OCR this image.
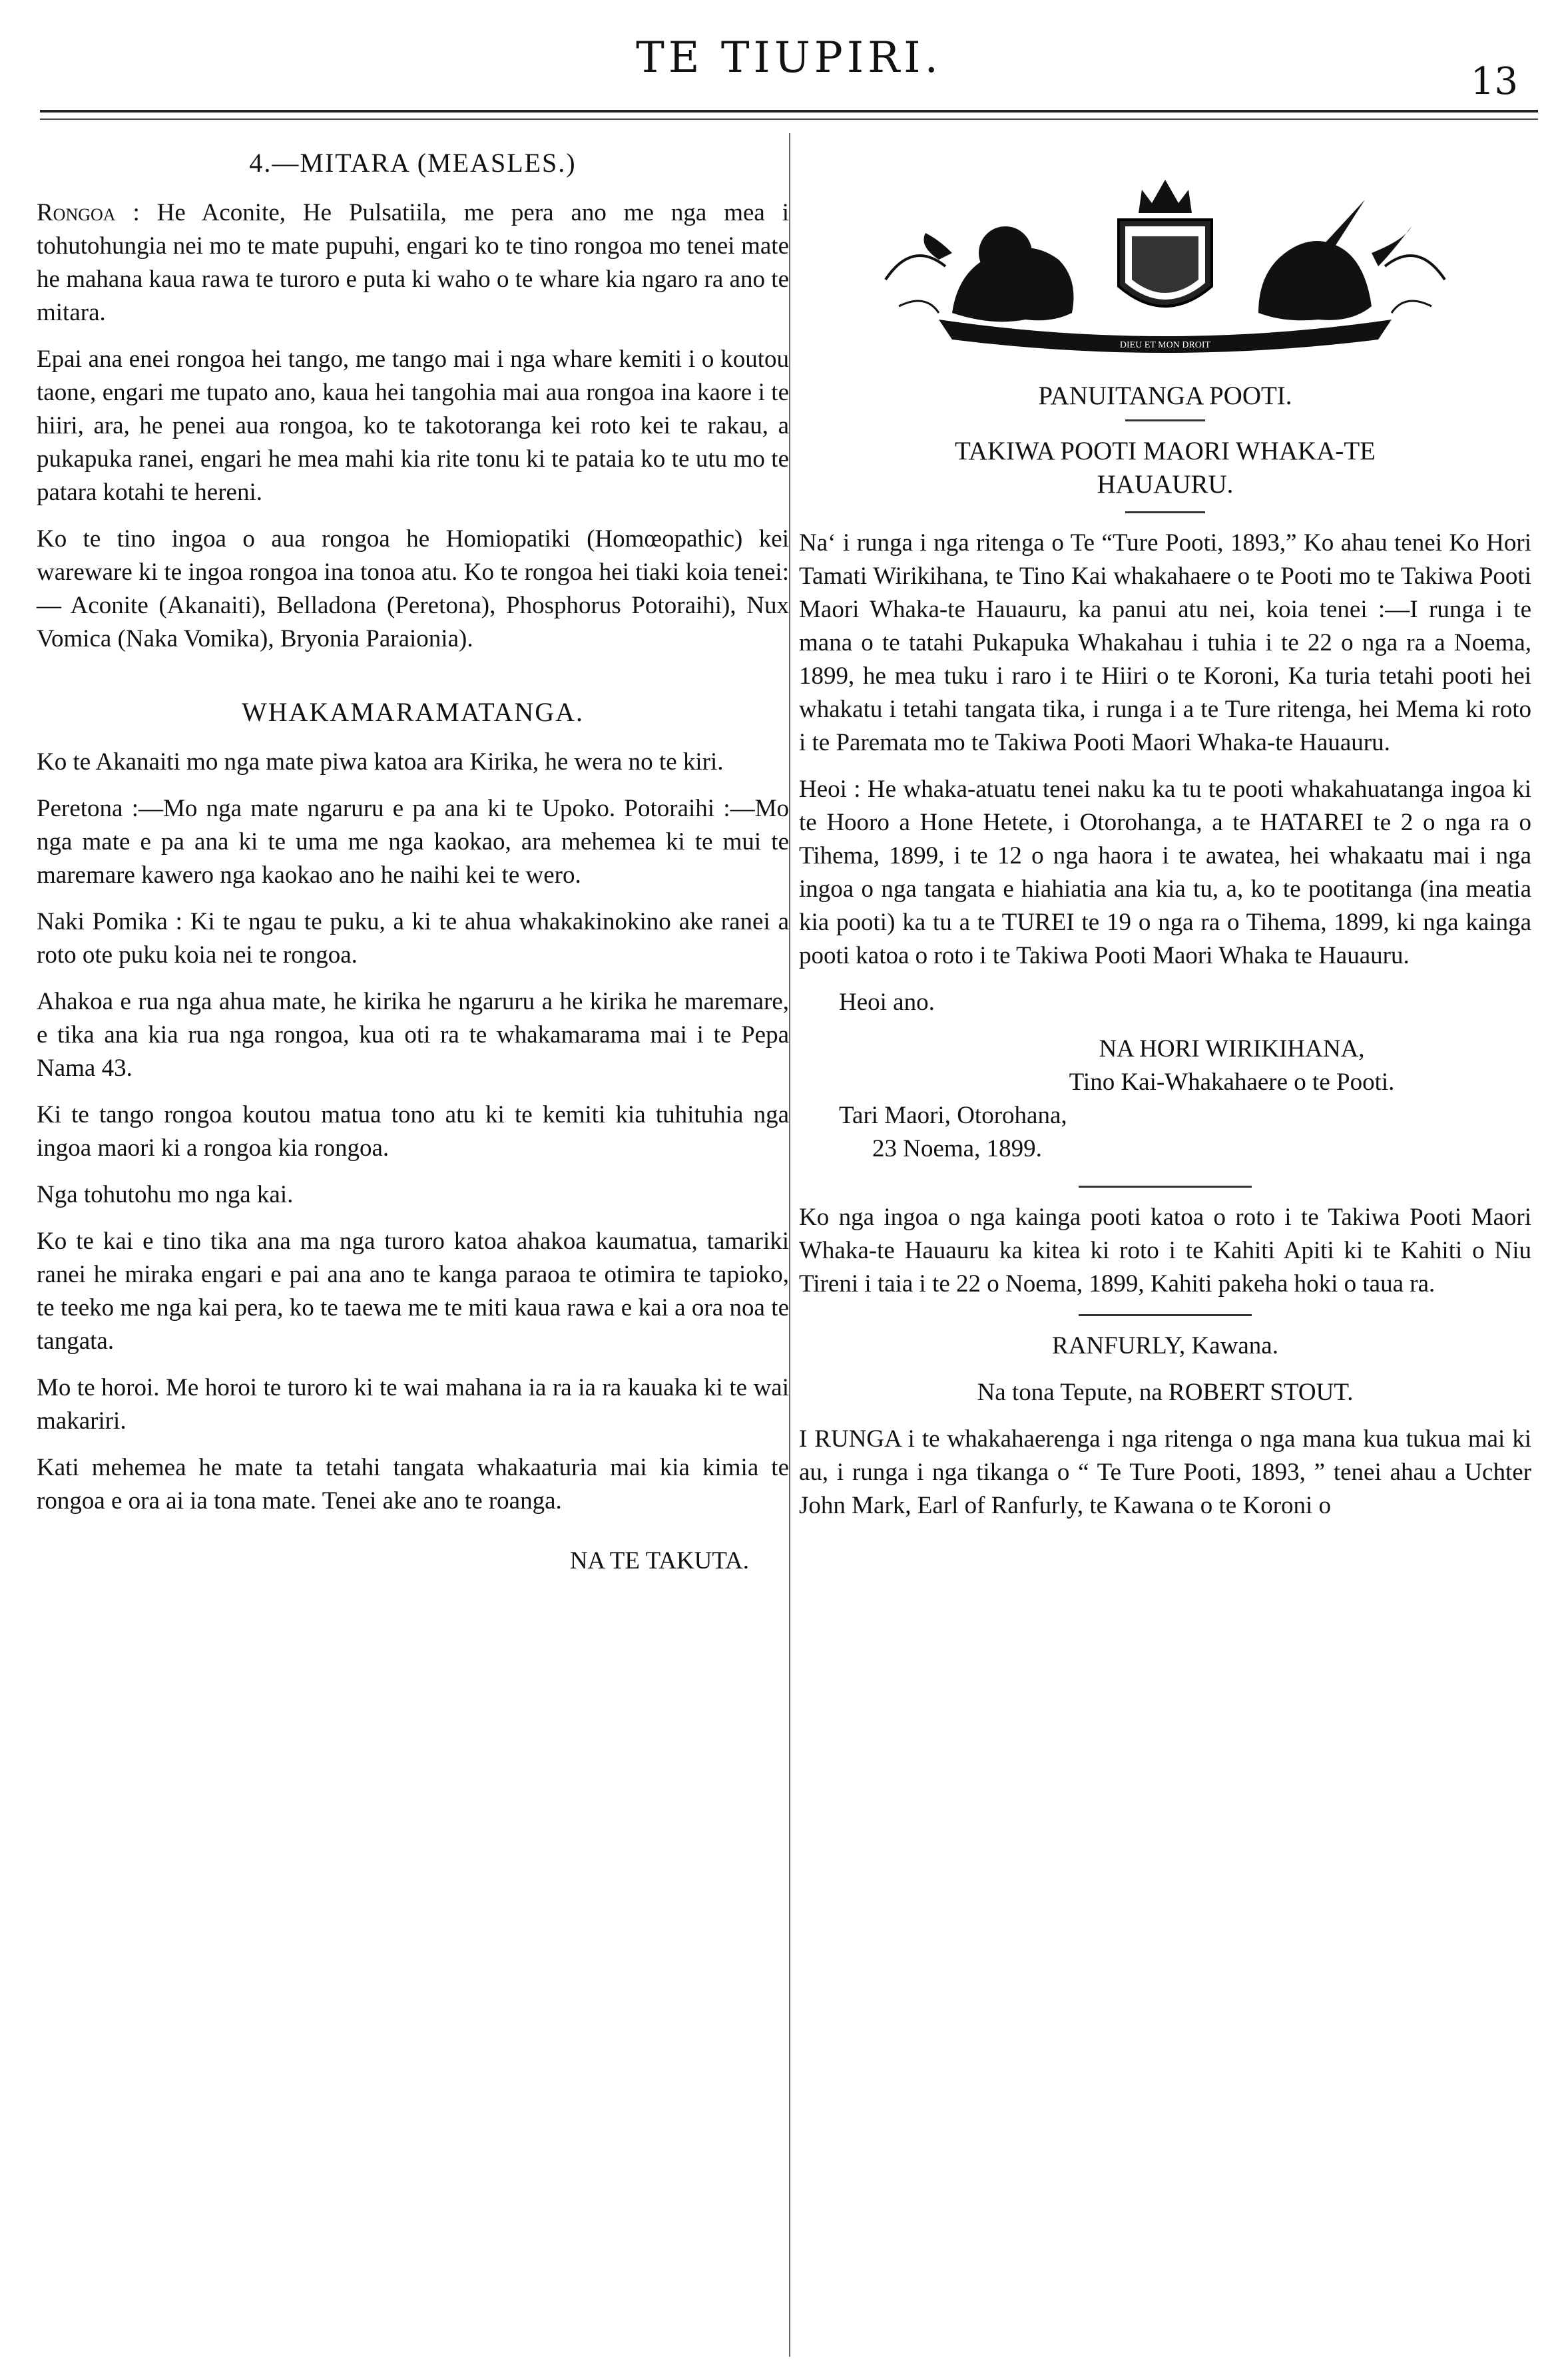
TE TIUPIRI.	13
4.—MITARA (MEASLES.)

Rongoa : He Aconite, He Pulsatiila, me pera ano me nga mea i tohutohungia nei mo te mate pupuhi, engari ko te tino rongoa mo tenei mate he mahana kaua rawa te turoro e puta ki waho o te whare kia ngaro ra ano te mitara.

Epai ana enei rongoa hei tango, me tango mai i nga whare kemiti i o koutou taone, engari me tupato ano, kaua hei tangohia mai aua rongoa ina kaore i te hiiri, ara, he penei aua rongoa, ko te takotoranga kei roto kei te rakau, a pukapuka ranei, engari he mea mahi kia rite tonu ki te pataia ko te utu mo te patara kotahi te hereni.

Ko te tino ingoa o aua rongoa he Homiopatiki (Homœopathic) kei wareware ki te ingoa rongoa ina tonoa atu. Ko te rongoa hei tiaki koia tenei: — Aconite (Akanaiti), Belladona (Peretona), Phosphorus Potoraihi), Nux Vomica (Naka Vomika), Bryonia Paraionia).

WHAKAMARAMATANGA.

Ko te Akanaiti mo nga mate piwa katoa ara Kirika, he wera no te kiri.

Peretona :—Mo nga mate ngaruru e pa ana ki te Upoko. Potoraihi :—Mo nga mate e pa ana ki te uma me nga kaokao, ara mehemea ki te mui te maremare kawero nga kaokao ano he naihi kei te wero.

Naki Pomika : Ki te ngau te puku, a ki te ahua whakakinokino ake ranei a roto ote puku koia nei te rongoa.

Ahakoa e rua nga ahua mate, he kirika he ngaruru a he kirika he maremare, e tika ana kia rua nga rongoa, kua oti ra te whakamarama mai i te Pepa Nama 43.

Ki te tango rongoa koutou matua tono atu ki te kemiti kia tuhituhia nga ingoa maori ki a rongoa kia rongoa.

Nga tohutohu mo nga kai.

Ko te kai e tino tika ana ma nga turoro katoa ahakoa kaumatua, tamariki ranei he miraka engari e pai ana ano te kanga paraoa te otimira te tapioko, te teeko me nga kai pera, ko te taewa me te miti kaua rawa e kai a ora noa te tangata.

Mo te horoi. Me horoi te turoro ki te wai mahana ia ra ia ra kauaka ki te wai makariri.

Kati mehemea he mate ta tetahi tangata whakaaturia mai kia kimia te rongoa e ora ai ia tona mate. Tenei ake ano te roanga.

NA TE TAKUTA.
DIEU ET MON DROIT
PANUITANGA POOTI.
TAKIWA POOTI MAORI WHAKA-TE
HAUAURU.

Na‘ i runga i nga ritenga o Te “Ture Pooti, 1893,” Ko ahau tenei Ko Hori Tamati Wirikihana, te Tino Kai whakahaere o te Pooti mo te Takiwa Pooti Maori Whaka-te Hauauru, ka panui atu nei, koia tenei :—I runga i te mana o te tatahi Pukapuka Whakahau i tuhia i te 22 o nga ra a Noema, 1899, he mea tuku i raro i te Hiiri o te Koroni, Ka turia tetahi pooti hei whakatu i tetahi tangata tika, i runga i a te Ture ritenga, hei Mema ki roto i te Paremata mo te Takiwa Pooti Maori Whaka-te Hauauru.

Heoi : He whaka-atuatu tenei naku ka tu te pooti whakahuatanga ingoa ki te Hooro a Hone Hetete, i Otorohanga, a te HATAREI te 2 o nga ra o Tihema, 1899, i te 12 o nga haora i te awatea, hei whakaatu mai i nga ingoa o nga tangata e hiahiatia ana kia tu, a, ko te pootitanga (ina meatia kia pooti) ka tu a te TUREI te 19 o nga ra o Tihema, 1899, ki nga kainga pooti katoa o roto i te Takiwa Pooti Maori Whaka te Hauauru.

Heoi ano.

NA HORI WIRIKIHANA,
Tino Kai-Whakahaere o te Pooti.
Tari Maori, Otorohana,
23 Noema, 1899.

Ko nga ingoa o nga kainga pooti katoa o roto i te Takiwa Pooti Maori Whaka-te Hauauru ka kitea ki roto i te Kahiti Apiti ki te Kahiti o Niu Tireni i taia i te 22 o Noema, 1899, Kahiti pakeha hoki o taua ra.

RANFURLY, Kawana.
Na tona Tepute, na ROBERT STOUT.

I RUNGA i te whakahaerenga i nga ritenga o nga mana kua tukua mai ki au, i runga i nga tikanga o “ Te Ture Pooti, 1893, ” tenei ahau a Uchter John Mark, Earl of Ranfurly, te Kawana o te Koroni o
